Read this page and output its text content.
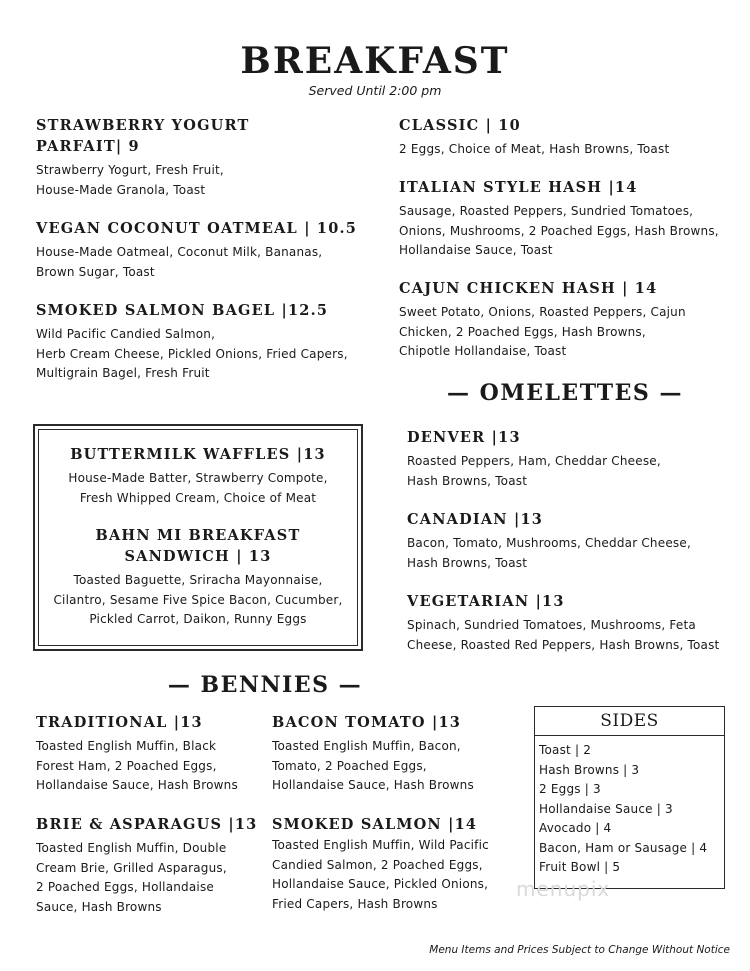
BREAKFAST
Served Until 2:00 pm
STRAWBERRY YOGURT
PARFAIT| 9
Strawberry Yogurt, Fresh Fruit,
House-Made Granola, Toast
VEGAN COCONUT OATMEAL | 10.5
House-Made Oatmeal, Coconut Milk, Bananas,
Brown Sugar, Toast
SMOKED SALMON BAGEL |12.5
Wild Pacific Candied Salmon,
Herb Cream Cheese, Pickled Onions, Fried Capers,
Multigrain Bagel, Fresh Fruit
CLASSIC | 10
2 Eggs, Choice of Meat, Hash Browns, Toast
ITALIAN STYLE HASH |14
Sausage, Roasted Peppers, Sundried Tomatoes,
Onions, Mushrooms, 2 Poached Eggs, Hash Browns,
Hollandaise Sauce, Toast
CAJUN CHICKEN HASH | 14
Sweet Potato, Onions, Roasted Peppers, Cajun
Chicken, 2 Poached Eggs, Hash Browns,
Chipotle Hollandaise, Toast
BUTTERMILK WAFFLES |13
House-Made Batter, Strawberry Compote,
Fresh Whipped Cream, Choice of Meat
BAHN MI BREAKFAST
SANDWICH | 13
Toasted Baguette, Sriracha Mayonnaise,
Cilantro, Sesame Five Spice Bacon, Cucumber,
Pickled Carrot, Daikon, Runny Eggs
— OMELETTES —
DENVER |13
Roasted Peppers, Ham, Cheddar Cheese,
Hash Browns, Toast
CANADIAN |13
Bacon, Tomato, Mushrooms, Cheddar Cheese,
Hash Browns, Toast
VEGETARIAN |13
Spinach, Sundried Tomatoes, Mushrooms, Feta
Cheese, Roasted Red Peppers, Hash Browns, Toast
— BENNIES —
TRADITIONAL |13
Toasted English Muffin, Black
Forest Ham, 2 Poached Eggs,
Hollandaise Sauce, Hash Browns
BACON TOMATO |13
Toasted English Muffin, Bacon,
Tomato, 2 Poached Eggs,
Hollandaise Sauce, Hash Browns
BRIE & ASPARAGUS |13
Toasted English Muffin, Double
Cream Brie, Grilled Asparagus,
2 Poached Eggs, Hollandaise
Sauce, Hash Browns
SMOKED SALMON |14
Toasted English Muffin, Wild Pacific
Candied Salmon, 2 Poached Eggs,
Hollandaise Sauce, Pickled Onions,
Fried Capers, Hash Browns
SIDES
Toast | 2
Hash Browns | 3
2 Eggs | 3
Hollandaise Sauce | 3
Avocado | 4
Bacon, Ham or Sausage | 4
Fruit Bowl | 5
menupix
Menu Items and Prices Subject to Change Without Notice
